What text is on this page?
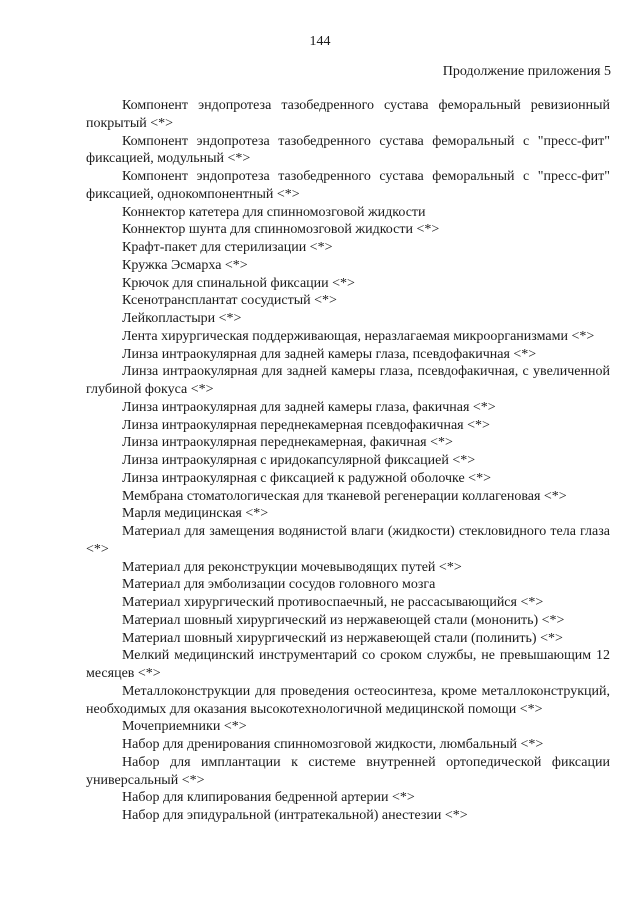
144
Продолжение приложения 5

Компонент эндопротеза тазобедренного сустава феморальный ревизионный покрытый <*>

Компонент эндопротеза тазобедренного сустава феморальный с "пресс-фит" фиксацией, модульный <*>

Компонент эндопротеза тазобедренного сустава феморальный с "пресс-фит" фиксацией, однокомпонентный <*>

Коннектор катетера для спинномозговой жидкости

Коннектор шунта для спинномозговой жидкости <*>

Крафт-пакет для стерилизации <*>

Кружка Эсмарха <*>

Крючок для спинальной фиксации <*>

Ксенотрансплантат сосудистый <*>

Лейкопластыри <*>

Лента хирургическая поддерживающая, неразлагаемая микроорганизмами <*>

Линза интраокулярная для задней камеры глаза, псевдофакичная <*>

Линза интраокулярная для задней камеры глаза, псевдофакичная, с увеличенной глубиной фокуса <*>

Линза интраокулярная для задней камеры глаза, факичная <*>

Линза интраокулярная переднекамерная псевдофакичная <*>

Линза интраокулярная переднекамерная, факичная <*>

Линза интраокулярная с иридокапсулярной фиксацией <*>

Линза интраокулярная с фиксацией к радужной оболочке <*>

Мембрана стоматологическая для тканевой регенерации коллагеновая <*>

Марля медицинская <*>

Материал для замещения водянистой влаги (жидкости) стекловидного тела глаза <*>

Материал для реконструкции мочевыводящих путей <*>

Материал для эмболизации сосудов головного мозга

Материал хирургический противоспаечный, не рассасывающийся <*>

Материал шовный хирургический из нержавеющей стали (мононить) <*>

Материал шовный хирургический из нержавеющей стали (полинить) <*>

Мелкий медицинский инструментарий со сроком службы, не превышающим 12 месяцев <*>

Металлоконструкции для проведения остеосинтеза, кроме металлоконструкций, необходимых для оказания высокотехнологичной медицинской помощи <*>

Мочеприемники <*>

Набор для дренирования спинномозговой жидкости, люмбальный <*>

Набор для имплантации к системе внутренней ортопедической фиксации универсальный <*>

Набор для клипирования бедренной артерии <*>

Набор для эпидуральной (интратекальной) анестезии <*>
